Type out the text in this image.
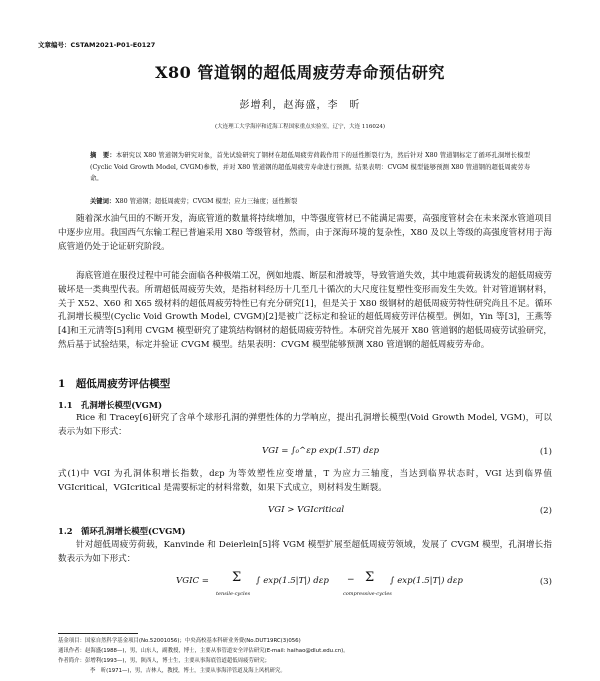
文章编号：CSTAM2021-P01-E0127
X80 管道钢的超低周疲劳寿命预估研究
彭增利，赵海盛，李　昕
(大连理工大学海岸和近海工程国家重点实验室，辽宁，大连 116024)
摘　要：本研究以 X80 管道钢为研究对象，首先试验研究了钢材在超低周疲劳荷载作用下的延性断裂行为，然后针对 X80 管道钢标定了循环孔洞增长模型(Cyclic Void Growth Model, CVGM)参数，并对 X80 管道钢的超低周疲劳寿命进行预测。结果表明：CVGM 模型能够预测 X80 管道钢的超低周疲劳寿命。
关键词：X80 管道钢；超低周疲劳；CVGM 模型；应力三轴度；延性断裂
随着深水油气田的不断开发，海底管道的数量将持续增加，中等强度管材已不能满足需要，高强度管材会在未来深水管道项目中逐步应用。我国西气东输工程已普遍采用 X80 等级管材，然而，由于深海环境的复杂性，X80 及以上等级的高强度管材用于海底管道仍处于论证研究阶段。
海底管道在服役过程中可能会面临各种极端工况，例如地震、断层和滑坡等，导致管道失效，其中地震荷载诱发的超低周疲劳破坏是一类典型代表。所谓超低周疲劳失效，是指材料经历十几至几十循次的大尺度往复塑性变形而发生失效。针对管道钢材料，关于 X52、X60 和 X65 级材料的超低周疲劳特性已有充分研究[1]，但是关于 X80 级钢材的超低周疲劳特性研究尚且不足。循环孔洞增长模型(Cyclic Void Growth Model, CVGM)[2]是被广泛标定和验证的超低周疲劳评估模型。例如，Yin 等[3]，王燕等[4]和王元清等[5]利用 CVGM 模型研究了建筑结构钢材的超低周疲劳特性。本研究首先展开 X80 管道钢的超低周疲劳试验研究，然后基于试验结果，标定并验证 CVGM 模型。结果表明：CVGM 模型能够预测 X80 管道钢的超低周疲劳寿命。
1　超低周疲劳评估模型
1.1　孔洞增长模型(VGM)
Rice 和 Tracey[6]研究了含单个球形孔洞的弹塑性体的力学响应，提出孔洞增长模型(Void Growth Model, VGM)，可以表示为如下形式：
VGI = ∫₀^εp exp(1.5T) dεp	(1)
式(1)中 VGI 为孔洞体积增长指数，dεp 为等效塑性应变增量，T 为应力三轴度，当达到临界状态时，VGI 达到临界值 VGIcritical，VGIcritical 是需要标定的材料常数，如果下式成立，则材料发生断裂。
VGI > VGIcritical	(2)
1.2　循环孔洞增长模型(CVGM)
针对超低周疲劳荷载，Kanvinde 和 Deierlein[5]将 VGM 模型扩展至超低周疲劳领域，发展了 CVGM 模型，孔洞增长指数表示为如下形式：
VGIC = Σ
tensile-cycles
∫ exp(1.5|T|) dεp − Σ
compressive-cycles
∫ exp(1.5|T|) dεp	(3)
基金项目：国家自然科学基金项目(No.52001056)；中央高校基本科研业务费(No.DUT19RC(3)056)
通讯作者：赵海盛(1988—)，男，山东人，副教授，博士，主要从事管道安全评估研究(E-mail: haihao@dlut.edu.cn)。
作者简介：彭增利(1993—)，男，陕西人，博士生，主要从事海底管道超低周疲劳研究；
李　昕(1971—)，男，吉林人，教授，博士，主要从事海洋管道及海上风机研究。
